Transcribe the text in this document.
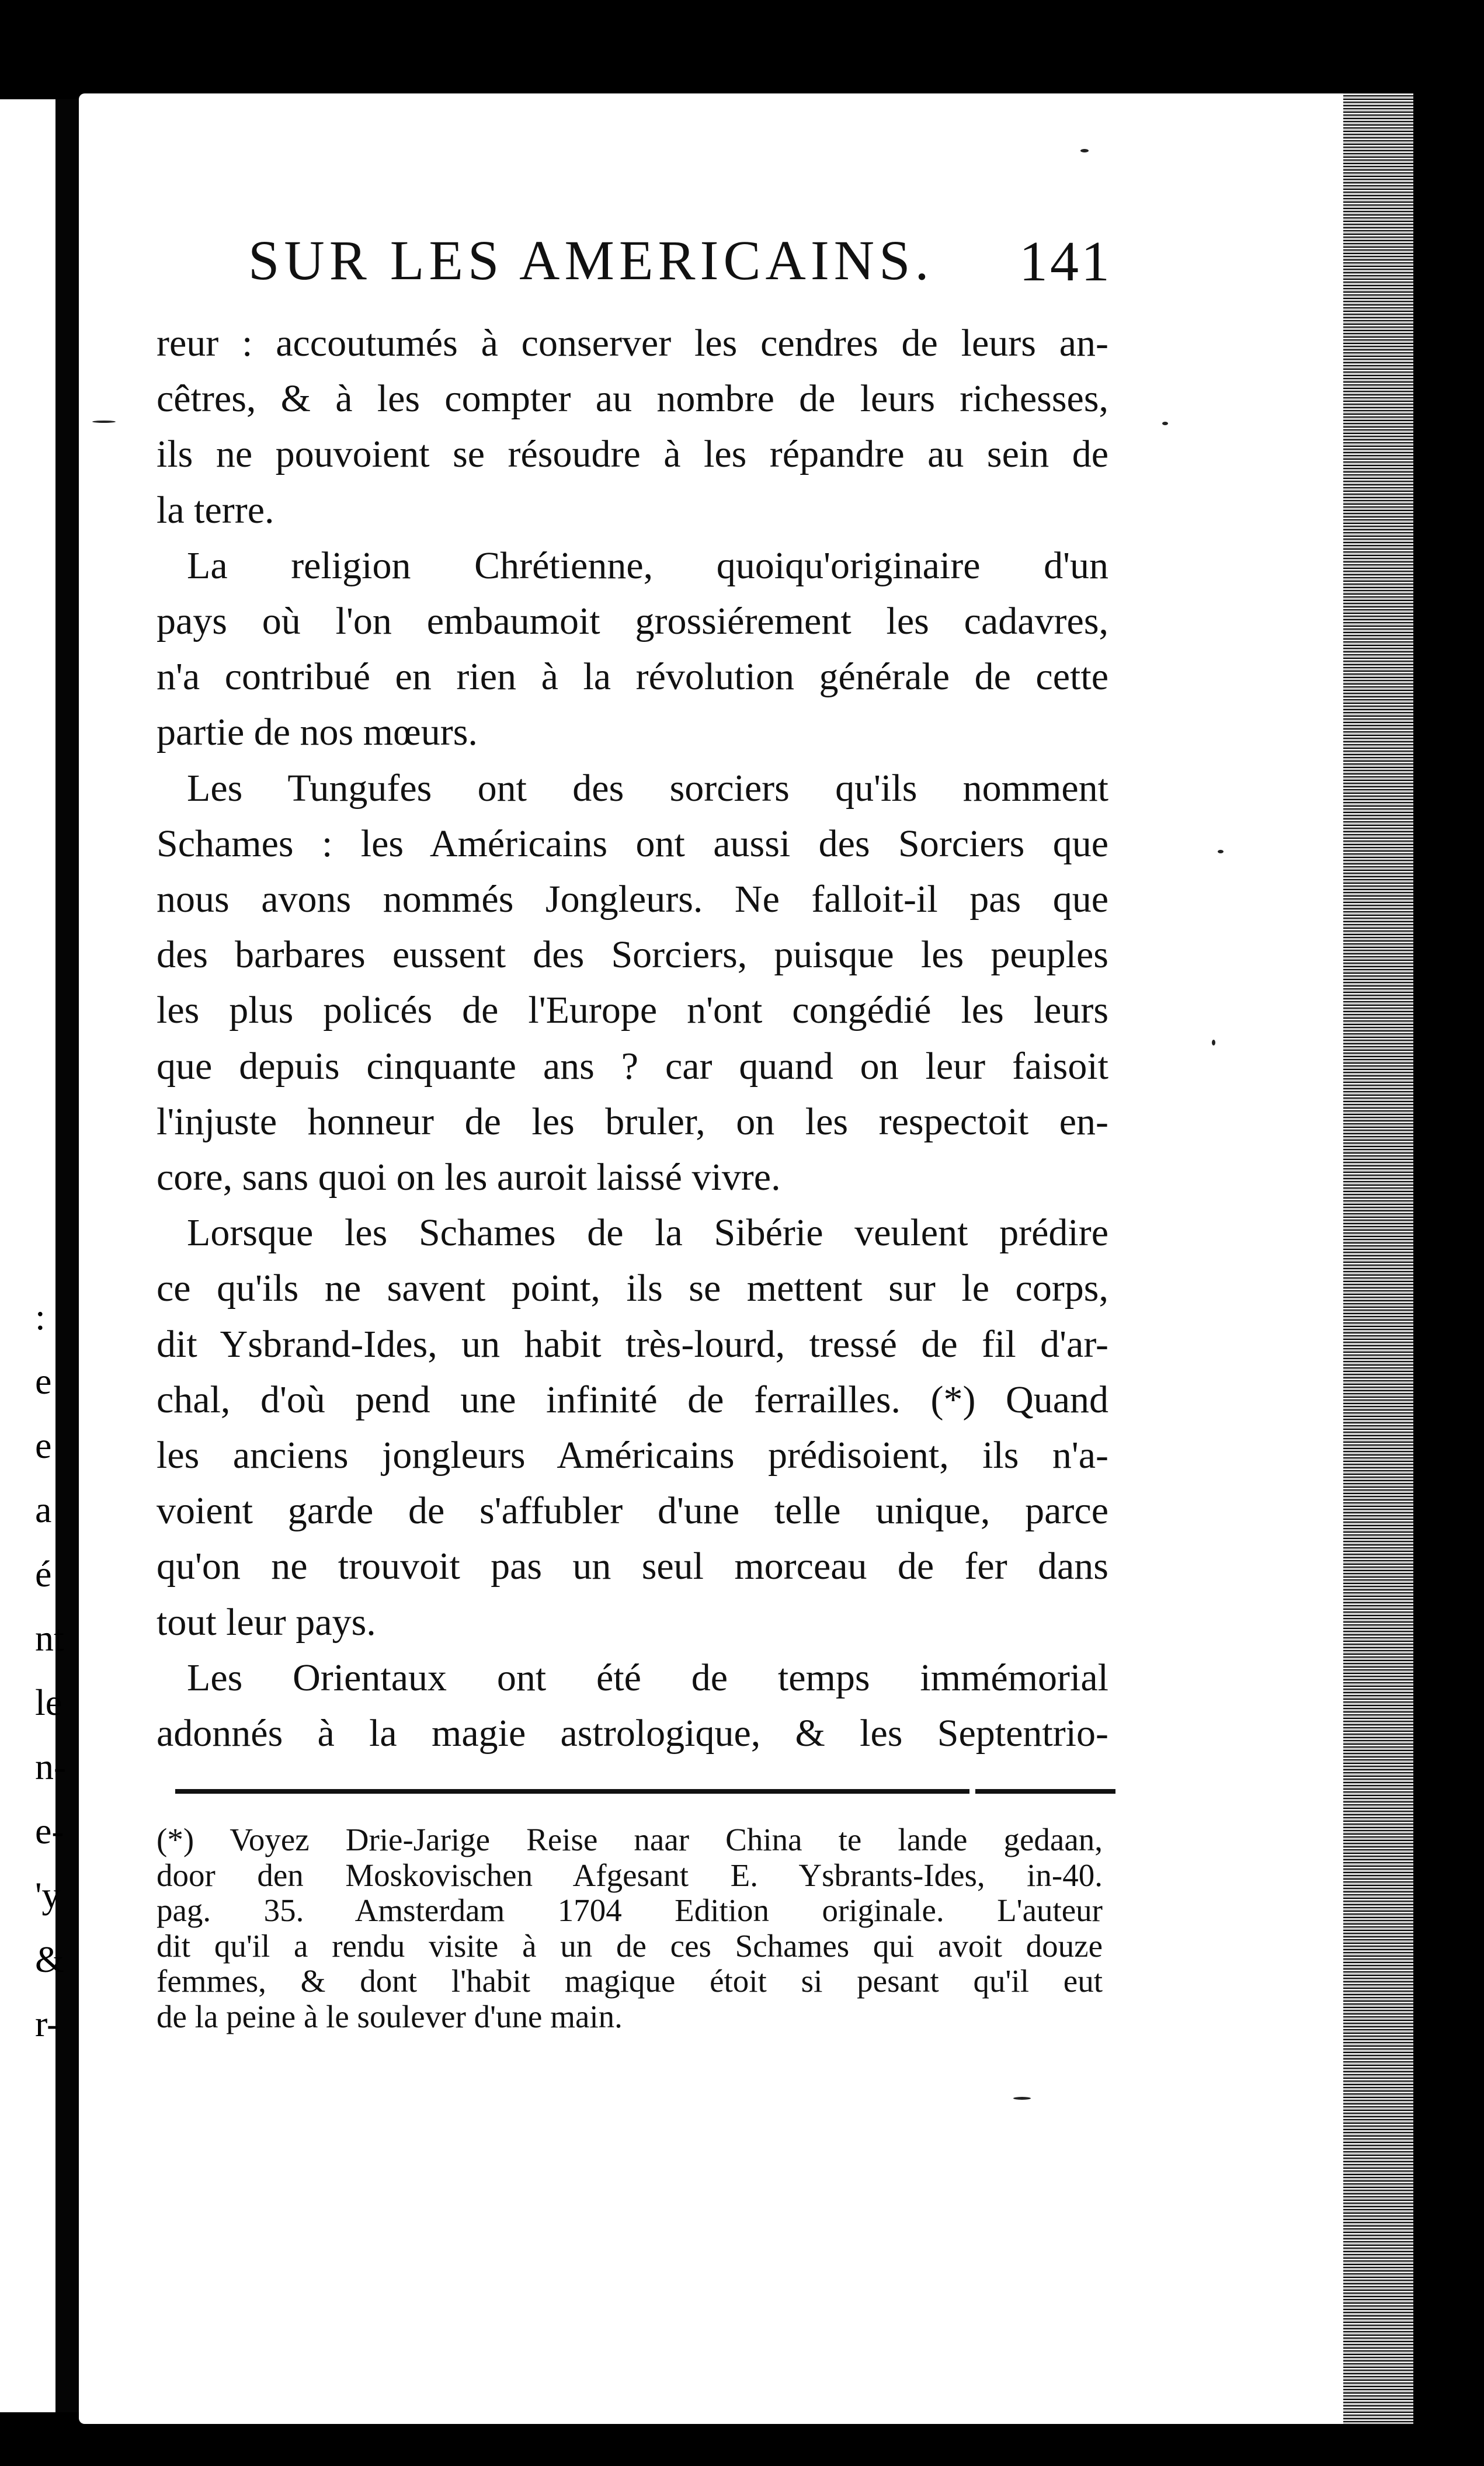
:
e
e
a
é
nt
le
n-
e-
'y
&
r-
SUR LES AMERICAINS.	141
reur : accoutumés à conserver les cendres de leurs an-
cêtres, & à les compter au nombre de leurs richesses,
ils ne pouvoient se résoudre à les répandre au sein de
la terre.
La religion Chrétienne, quoiqu'originaire d'un
pays où l'on embaumoit grossiérement les cadavres,
n'a contribué en rien à la révolution générale de cette
partie de nos mœurs.
Les Tungufes ont des sorciers qu'ils nomment
Schames : les Américains ont aussi des Sorciers que
nous avons nommés Jongleurs. Ne falloit-il pas que
des barbares eussent des Sorciers, puisque les peuples
les plus policés de l'Europe n'ont congédié les leurs
que depuis cinquante ans ? car quand on leur faisoit
l'injuste honneur de les bruler, on les respectoit en-
core, sans quoi on les auroit laissé vivre.
Lorsque les Schames de la Sibérie veulent prédire
ce qu'ils ne savent point, ils se mettent sur le corps,
dit Ysbrand-Ides, un habit très-lourd, tressé de fil d'ar-
chal, d'où pend une infinité de ferrailles. (*) Quand
les anciens jongleurs Américains prédisoient, ils n'a-
voient garde de s'affubler d'une telle unique, parce
qu'on ne trouvoit pas un seul morceau de fer dans
tout leur pays.
Les Orientaux ont été de temps immémorial
adonnés à la magie astrologique, & les Septentrio-
(*) Voyez Drie-Jarige Reise naar China te lande gedaan,
door den Moskovischen Afgesant E. Ysbrants-Ides, in-40.
pag. 35. Amsterdam 1704 Edition originale. L'auteur
dit qu'il a rendu visite à un de ces Schames qui avoit douze
femmes, & dont l'habit magique étoit si pesant qu'il eut
de la peine à le soulever d'une main.
